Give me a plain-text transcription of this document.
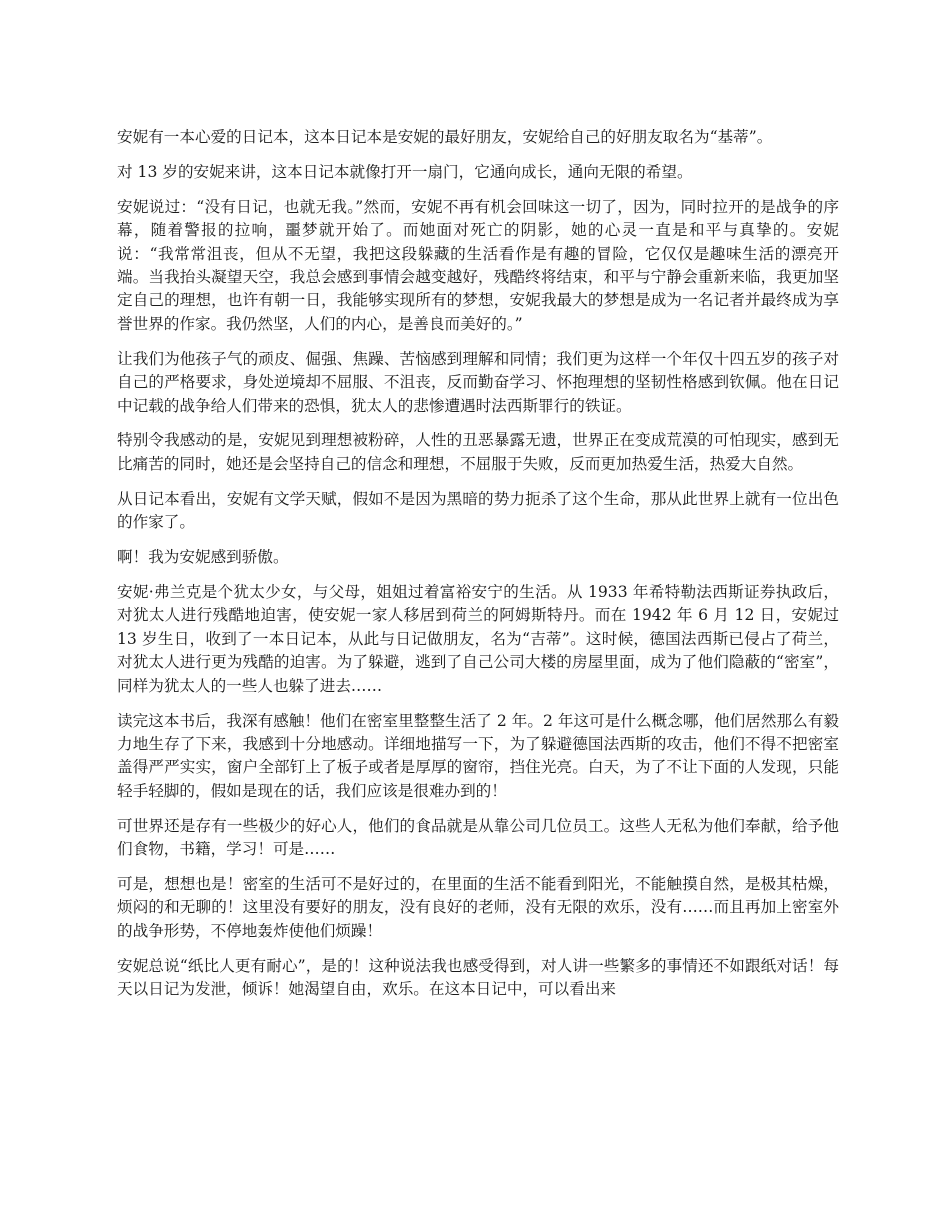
安妮有一本心爱的日记本，这本日记本是安妮的最好朋友，安妮给自己的好朋友取名为“基蒂”。

对 13 岁的安妮来讲，这本日记本就像打开一扇门，它通向成长，通向无限的希望。

安妮说过：“没有日记，也就无我。”然而，安妮不再有机会回味这一切了，因为，同时拉开的是战争的序幕，随着警报的拉响，噩梦就开始了。而她面对死亡的阴影，她的心灵一直是和平与真挚的。安妮说：“我常常沮丧，但从不无望，我把这段躲藏的生活看作是有趣的冒险，它仅仅是趣味生活的漂亮开端。当我抬头凝望天空，我总会感到事情会越变越好，残酷终将结束，和平与宁静会重新来临，我更加坚定自己的理想，也许有朝一日，我能够实现所有的梦想，安妮我最大的梦想是成为一名记者并最终成为享誉世界的作家。我仍然坚，人们的内心，是善良而美好的。”

让我们为他孩子气的顽皮、倔强、焦躁、苦恼感到理解和同情；我们更为这样一个年仅十四五岁的孩子对自己的严格要求，身处逆境却不屈服、不沮丧，反而勤奋学习、怀抱理想的坚韧性格感到钦佩。他在日记中记载的战争给人们带来的恐惧，犹太人的悲惨遭遇时法西斯罪行的铁证。

特别令我感动的是，安妮见到理想被粉碎，人性的丑恶暴露无遗，世界正在变成荒漠的可怕现实，感到无比痛苦的同时，她还是会坚持自己的信念和理想，不屈服于失败，反而更加热爱生活，热爱大自然。

从日记本看出，安妮有文学天赋，假如不是因为黑暗的势力扼杀了这个生命，那从此世界上就有一位出色的作家了。

啊！我为安妮感到骄傲。

安妮·弗兰克是个犹太少女，与父母，姐姐过着富裕安宁的生活。从 1933 年希特勒法西斯证券执政后，对犹太人进行残酷地迫害，使安妮一家人移居到荷兰的阿姆斯特丹。而在 1942 年 6 月 12 日，安妮过 13 岁生日，收到了一本日记本，从此与日记做朋友，名为“吉蒂”。这时候，德国法西斯已侵占了荷兰，对犹太人进行更为残酷的迫害。为了躲避，逃到了自己公司大楼的房屋里面，成为了他们隐蔽的“密室”，同样为犹太人的一些人也躲了进去……

读完这本书后，我深有感触！他们在密室里整整生活了 2 年。2 年这可是什么概念哪，他们居然那么有毅力地生存了下来，我感到十分地感动。详细地描写一下，为了躲避德国法西斯的攻击，他们不得不把密室盖得严严实实，窗户全部钉上了板子或者是厚厚的窗帘，挡住光亮。白天，为了不让下面的人发现，只能轻手轻脚的，假如是现在的话，我们应该是很难办到的！

可世界还是存有一些极少的好心人，他们的食品就是从靠公司几位员工。这些人无私为他们奉献，给予他们食物，书籍，学习！可是……

可是，想想也是！密室的生活可不是好过的，在里面的生活不能看到阳光，不能触摸自然，是极其枯燥，烦闷的和无聊的！这里没有要好的朋友，没有良好的老师，没有无限的欢乐，没有……而且再加上密室外的战争形势，不停地轰炸使他们烦躁！

安妮总说“纸比人更有耐心”，是的！这种说法我也感受得到，对人讲一些繁多的事情还不如跟纸对话！每天以日记为发泄，倾诉！她渴望自由，欢乐。在这本日记中，可以看出来
